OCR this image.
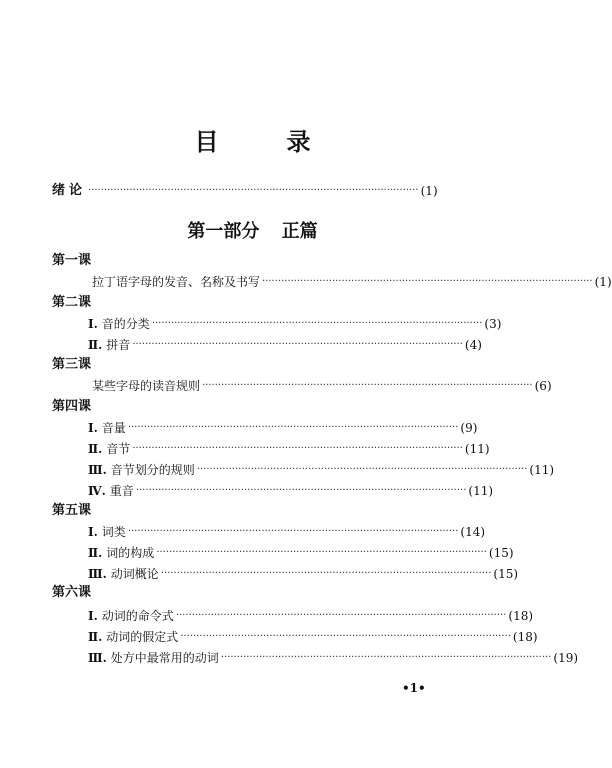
目　录
绪论 ········································································································ ( 1 )
第一部分 正篇
第一课
拉丁语字母的发音、名称及书写 ········································································································ ( 1 )
第二课
Ⅰ. 音的分类 ········································································································ ( 3 )
Ⅱ. 拼音 ········································································································ ( 4 )
第三课
某些字母的读音规则 ········································································································ ( 6 )
第四课
Ⅰ. 音量 ········································································································ ( 9 )
Ⅱ. 音节 ········································································································ ( 11 )
Ⅲ. 音节划分的规则 ········································································································ ( 11 )
Ⅳ. 重音 ········································································································ ( 11 )
第五课
Ⅰ. 词类 ········································································································ ( 14 )
Ⅱ. 词的构成 ········································································································ ( 15 )
Ⅲ. 动词概论 ········································································································ ( 15 )
第六课
Ⅰ. 动词的命令式 ········································································································ ( 18 )
Ⅱ. 动词的假定式 ········································································································ ( 18 )
Ⅲ. 处方中最常用的动词 ········································································································ ( 19 )
•1•
